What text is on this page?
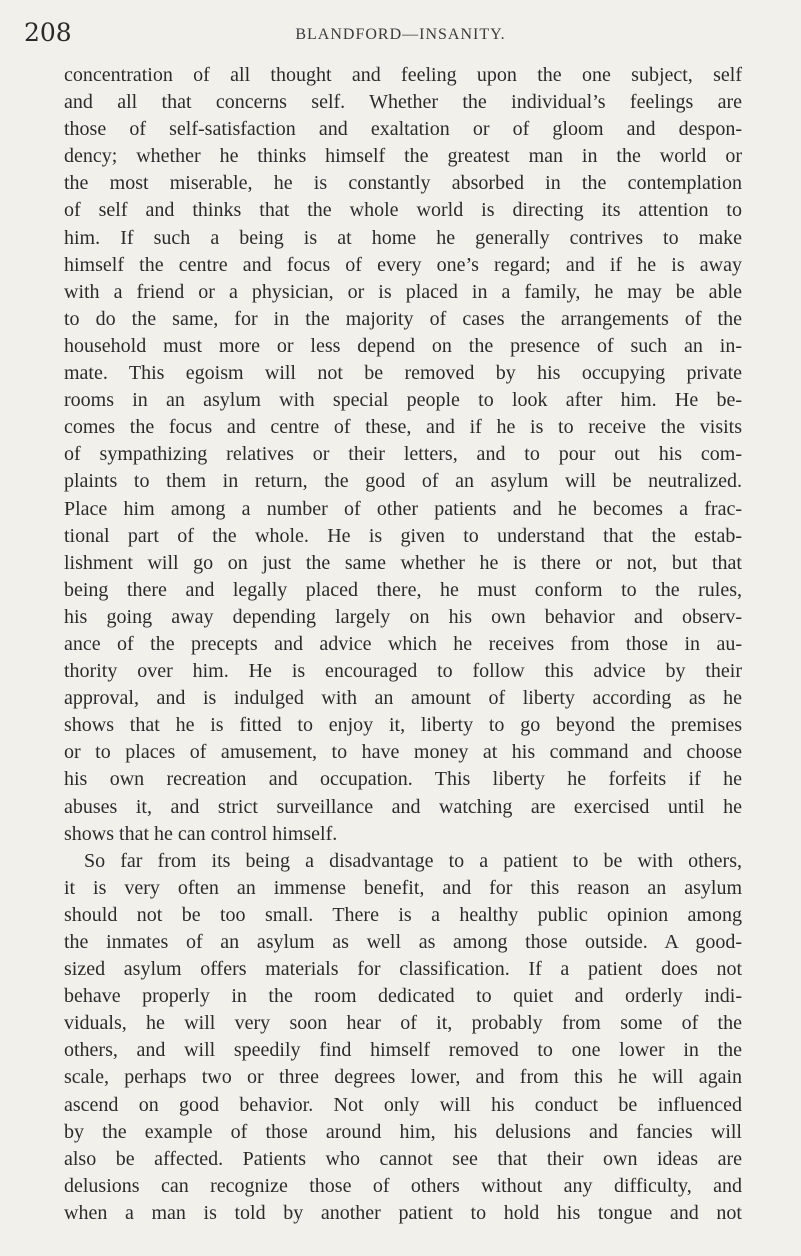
208	BLANDFORD—INSANITY.
concentration of all thought and feeling upon the one subject, self
and all that concerns self. Whether the individual’s feelings are
those of self-satisfaction and exaltation or of gloom and despon-
dency; whether he thinks himself the greatest man in the world or
the most miserable, he is constantly absorbed in the contemplation
of self and thinks that the whole world is directing its attention to
him. If such a being is at home he generally contrives to make
himself the centre and focus of every one’s regard; and if he is away
with a friend or a physician, or is placed in a family, he may be able
to do the same, for in the majority of cases the arrangements of the
household must more or less depend on the presence of such an in-
mate. This egoism will not be removed by his occupying private
rooms in an asylum with special people to look after him. He be-
comes the focus and centre of these, and if he is to receive the visits
of sympathizing relatives or their letters, and to pour out his com-
plaints to them in return, the good of an asylum will be neutralized.
Place him among a number of other patients and he becomes a frac-
tional part of the whole. He is given to understand that the estab-
lishment will go on just the same whether he is there or not, but that
being there and legally placed there, he must conform to the rules,
his going away depending largely on his own behavior and observ-
ance of the precepts and advice which he receives from those in au-
thority over him. He is encouraged to follow this advice by their
approval, and is indulged with an amount of liberty according as he
shows that he is fitted to enjoy it, liberty to go beyond the premises
or to places of amusement, to have money at his command and choose
his own recreation and occupation. This liberty he forfeits if he
abuses it, and strict surveillance and watching are exercised until he
shows that he can control himself.
So far from its being a disadvantage to a patient to be with others,
it is very often an immense benefit, and for this reason an asylum
should not be too small. There is a healthy public opinion among
the inmates of an asylum as well as among those outside. A good-
sized asylum offers materials for classification. If a patient does not
behave properly in the room dedicated to quiet and orderly indi-
viduals, he will very soon hear of it, probably from some of the
others, and will speedily find himself removed to one lower in the
scale, perhaps two or three degrees lower, and from this he will again
ascend on good behavior. Not only will his conduct be influenced
by the example of those around him, his delusions and fancies will
also be affected. Patients who cannot see that their own ideas are
delusions can recognize those of others without any difficulty, and
when a man is told by another patient to hold his tongue and not
